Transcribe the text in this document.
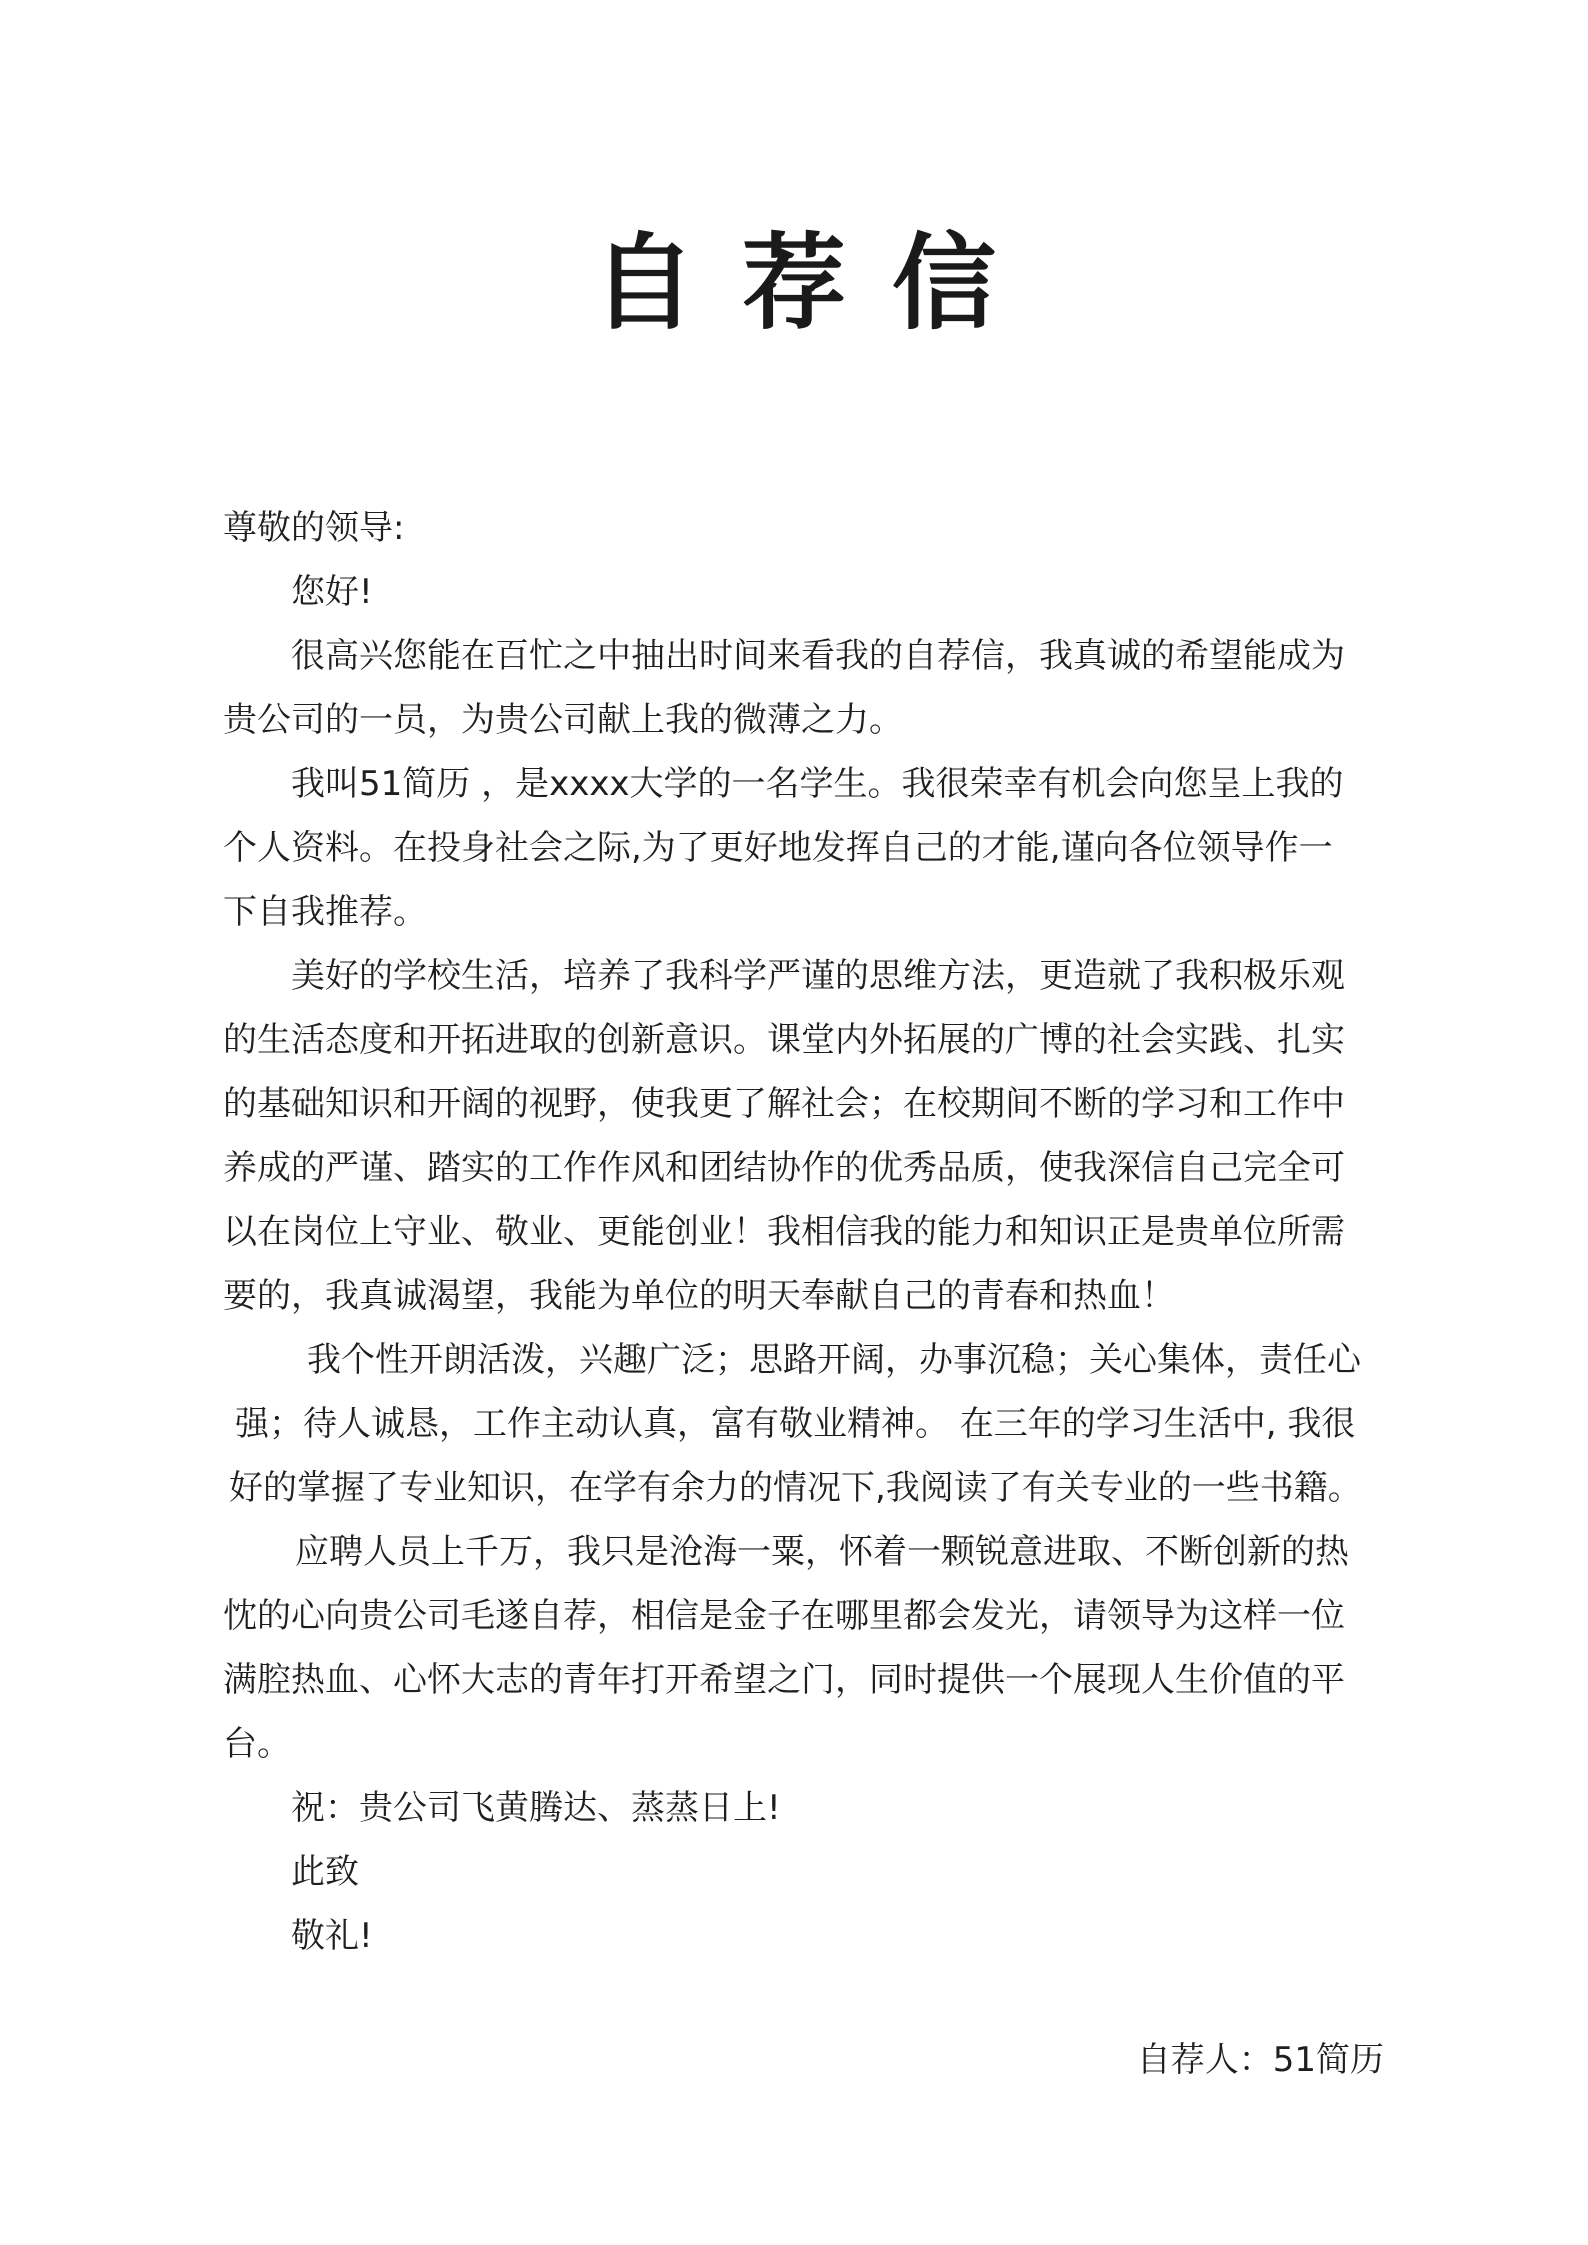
自荐信
尊敬的领导:
您好!
很高兴您能在百忙之中抽出时间来看我的自荐信，我真诚的希望能成为
贵公司的一员，为贵公司献上我的微薄之力。
我叫51简历 ，是xxxx大学的一名学生。我很荣幸有机会向您呈上我的
个人资料。在投身社会之际,为了更好地发挥自己的才能,谨向各位领导作一
下自我推荐。
美好的学校生活，培养了我科学严谨的思维方法，更造就了我积极乐观
的生活态度和开拓进取的创新意识。课堂内外拓展的广博的社会实践、扎实
的基础知识和开阔的视野，使我更了解社会；在校期间不断的学习和工作中
养成的严谨、踏实的工作作风和团结协作的优秀品质，使我深信自己完全可
以在岗位上守业、敬业、更能创业！我相信我的能力和知识正是贵单位所需
要的，我真诚渴望，我能为单位的明天奉献自己的青春和热血！
我个性开朗活泼，兴趣广泛；思路开阔，办事沉稳；关心集体，责任心
强；待人诚恳，工作主动认真，富有敬业精神。 在三年的学习生活中, 我很
好的掌握了专业知识，在学有余力的情况下,我阅读了有关专业的一些书籍。
应聘人员上千万，我只是沧海一粟，怀着一颗锐意进取、不断创新的热
忱的心向贵公司毛遂自荐，相信是金子在哪里都会发光，请领导为这样一位
满腔热血、心怀大志的青年打开希望之门，同时提供一个展现人生价值的平
台。
祝：贵公司飞黄腾达、蒸蒸日上!
此致
敬礼!
自荐人：51简历
